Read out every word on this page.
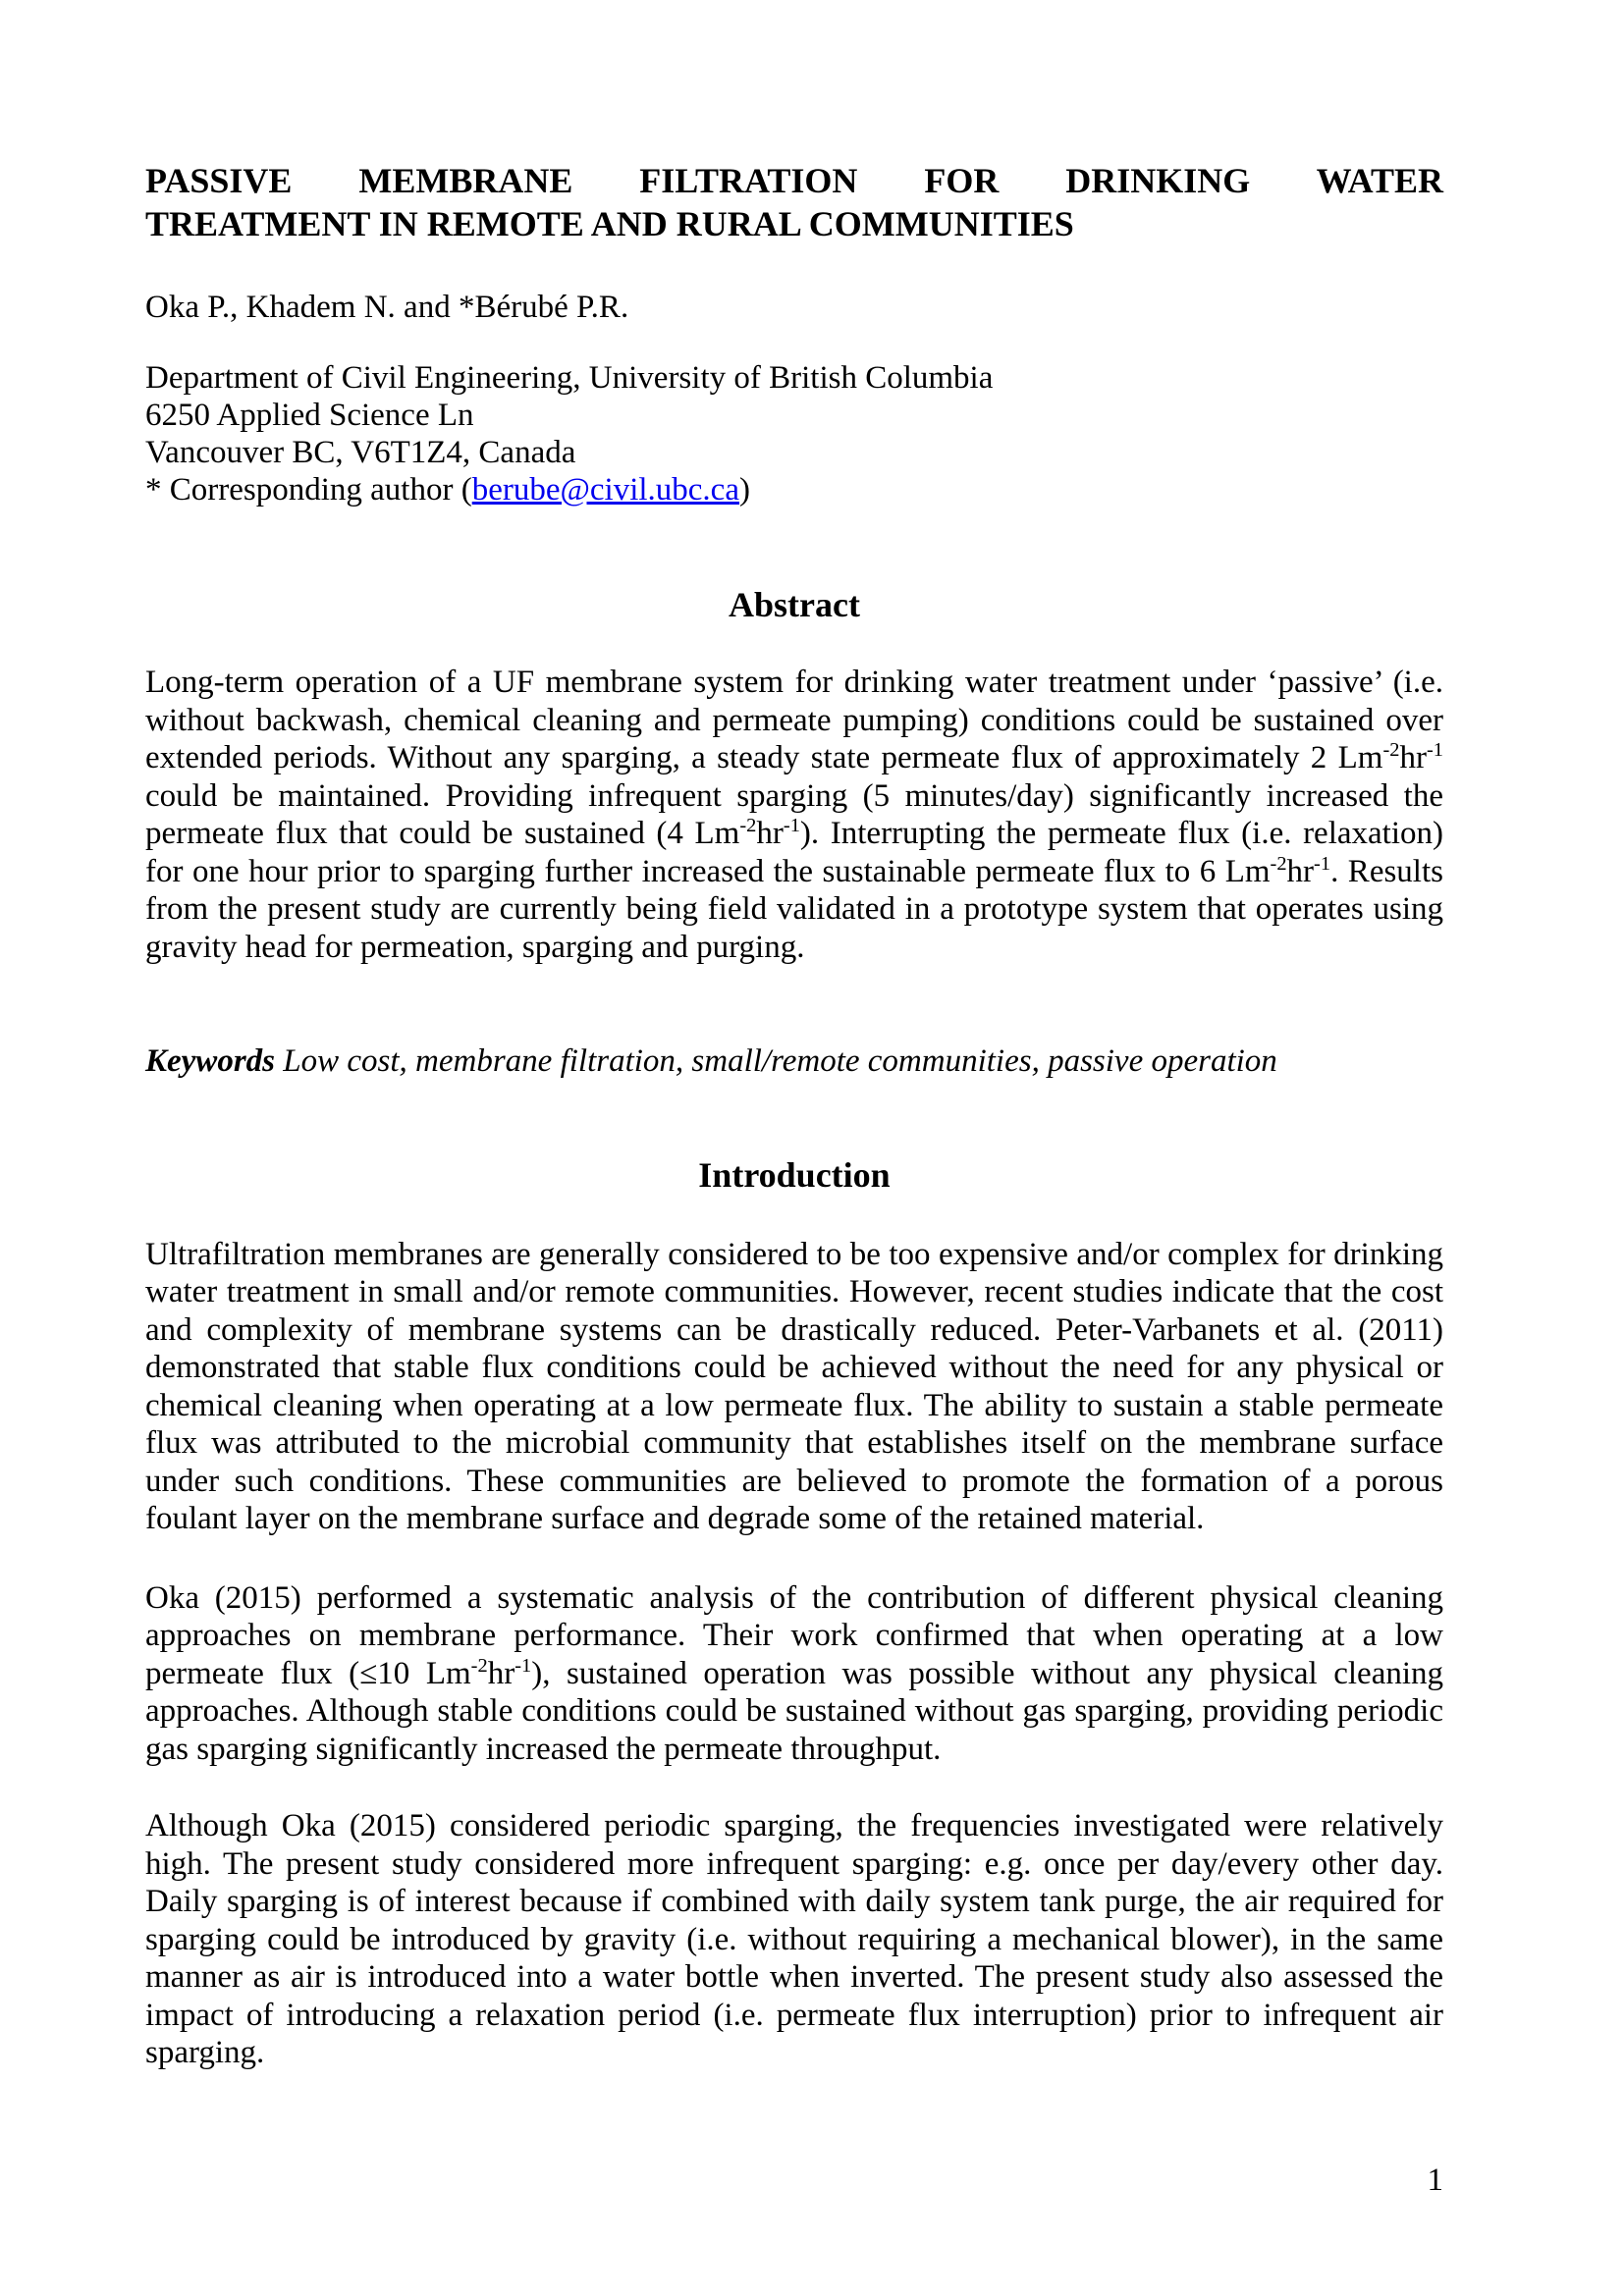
PASSIVE MEMBRANE FILTRATION FOR DRINKING WATER
TREATMENT IN REMOTE AND RURAL COMMUNITIES
Oka P., Khadem N. and *Bérubé P.R.
Department of Civil Engineering, University of British Columbia
6250 Applied Science Ln
Vancouver BC, V6T1Z4, Canada
* Corresponding author (berube@civil.ubc.ca)
Abstract
Long-term operation of a UF membrane system for drinking water treatment under ‘passive’ (i.e. without backwash, chemical cleaning and permeate pumping) conditions could be sustained over extended periods. Without any sparging, a steady state permeate flux of approximately 2 $Lm^{-2}hr^{-1}$ could be maintained. Providing infrequent sparging (5 minutes/day) significantly increased the permeate flux that could be sustained (4 $Lm^{-2}hr^{-1}$). Interrupting the permeate flux (i.e. relaxation) for one hour prior to sparging further increased the sustainable permeate flux to 6 $Lm^{-2}hr^{-1}$. Results from the present study are currently being field validated in a prototype system that operates using gravity head for permeation, sparging and purging.
Keywords Low cost, membrane filtration, small/remote communities, passive operation
Introduction
Ultrafiltration membranes are generally considered to be too expensive and/or complex for drinking water treatment in small and/or remote communities. However, recent studies indicate that the cost and complexity of membrane systems can be drastically reduced. Peter-Varbanets et al. (2011) demonstrated that stable flux conditions could be achieved without the need for any physical or chemical cleaning when operating at a low permeate flux. The ability to sustain a stable permeate flux was attributed to the microbial community that establishes itself on the membrane surface under such conditions. These communities are believed to promote the formation of a porous foulant layer on the membrane surface and degrade some of the retained material.
Oka (2015) performed a systematic analysis of the contribution of different physical cleaning approaches on membrane performance. Their work confirmed that when operating at a low permeate flux (≤10 $Lm^{-2}hr^{-1}$), sustained operation was possible without any physical cleaning approaches. Although stable conditions could be sustained without gas sparging, providing periodic gas sparging significantly increased the permeate throughput.
Although Oka (2015) considered periodic sparging, the frequencies investigated were relatively high. The present study considered more infrequent sparging: e.g. once per day/every other day. Daily sparging is of interest because if combined with daily system tank purge, the air required for sparging could be introduced by gravity (i.e. without requiring a mechanical blower), in the same manner as air is introduced into a water bottle when inverted. The present study also assessed the impact of introducing a relaxation period (i.e. permeate flux interruption) prior to infrequent air sparging.
1
